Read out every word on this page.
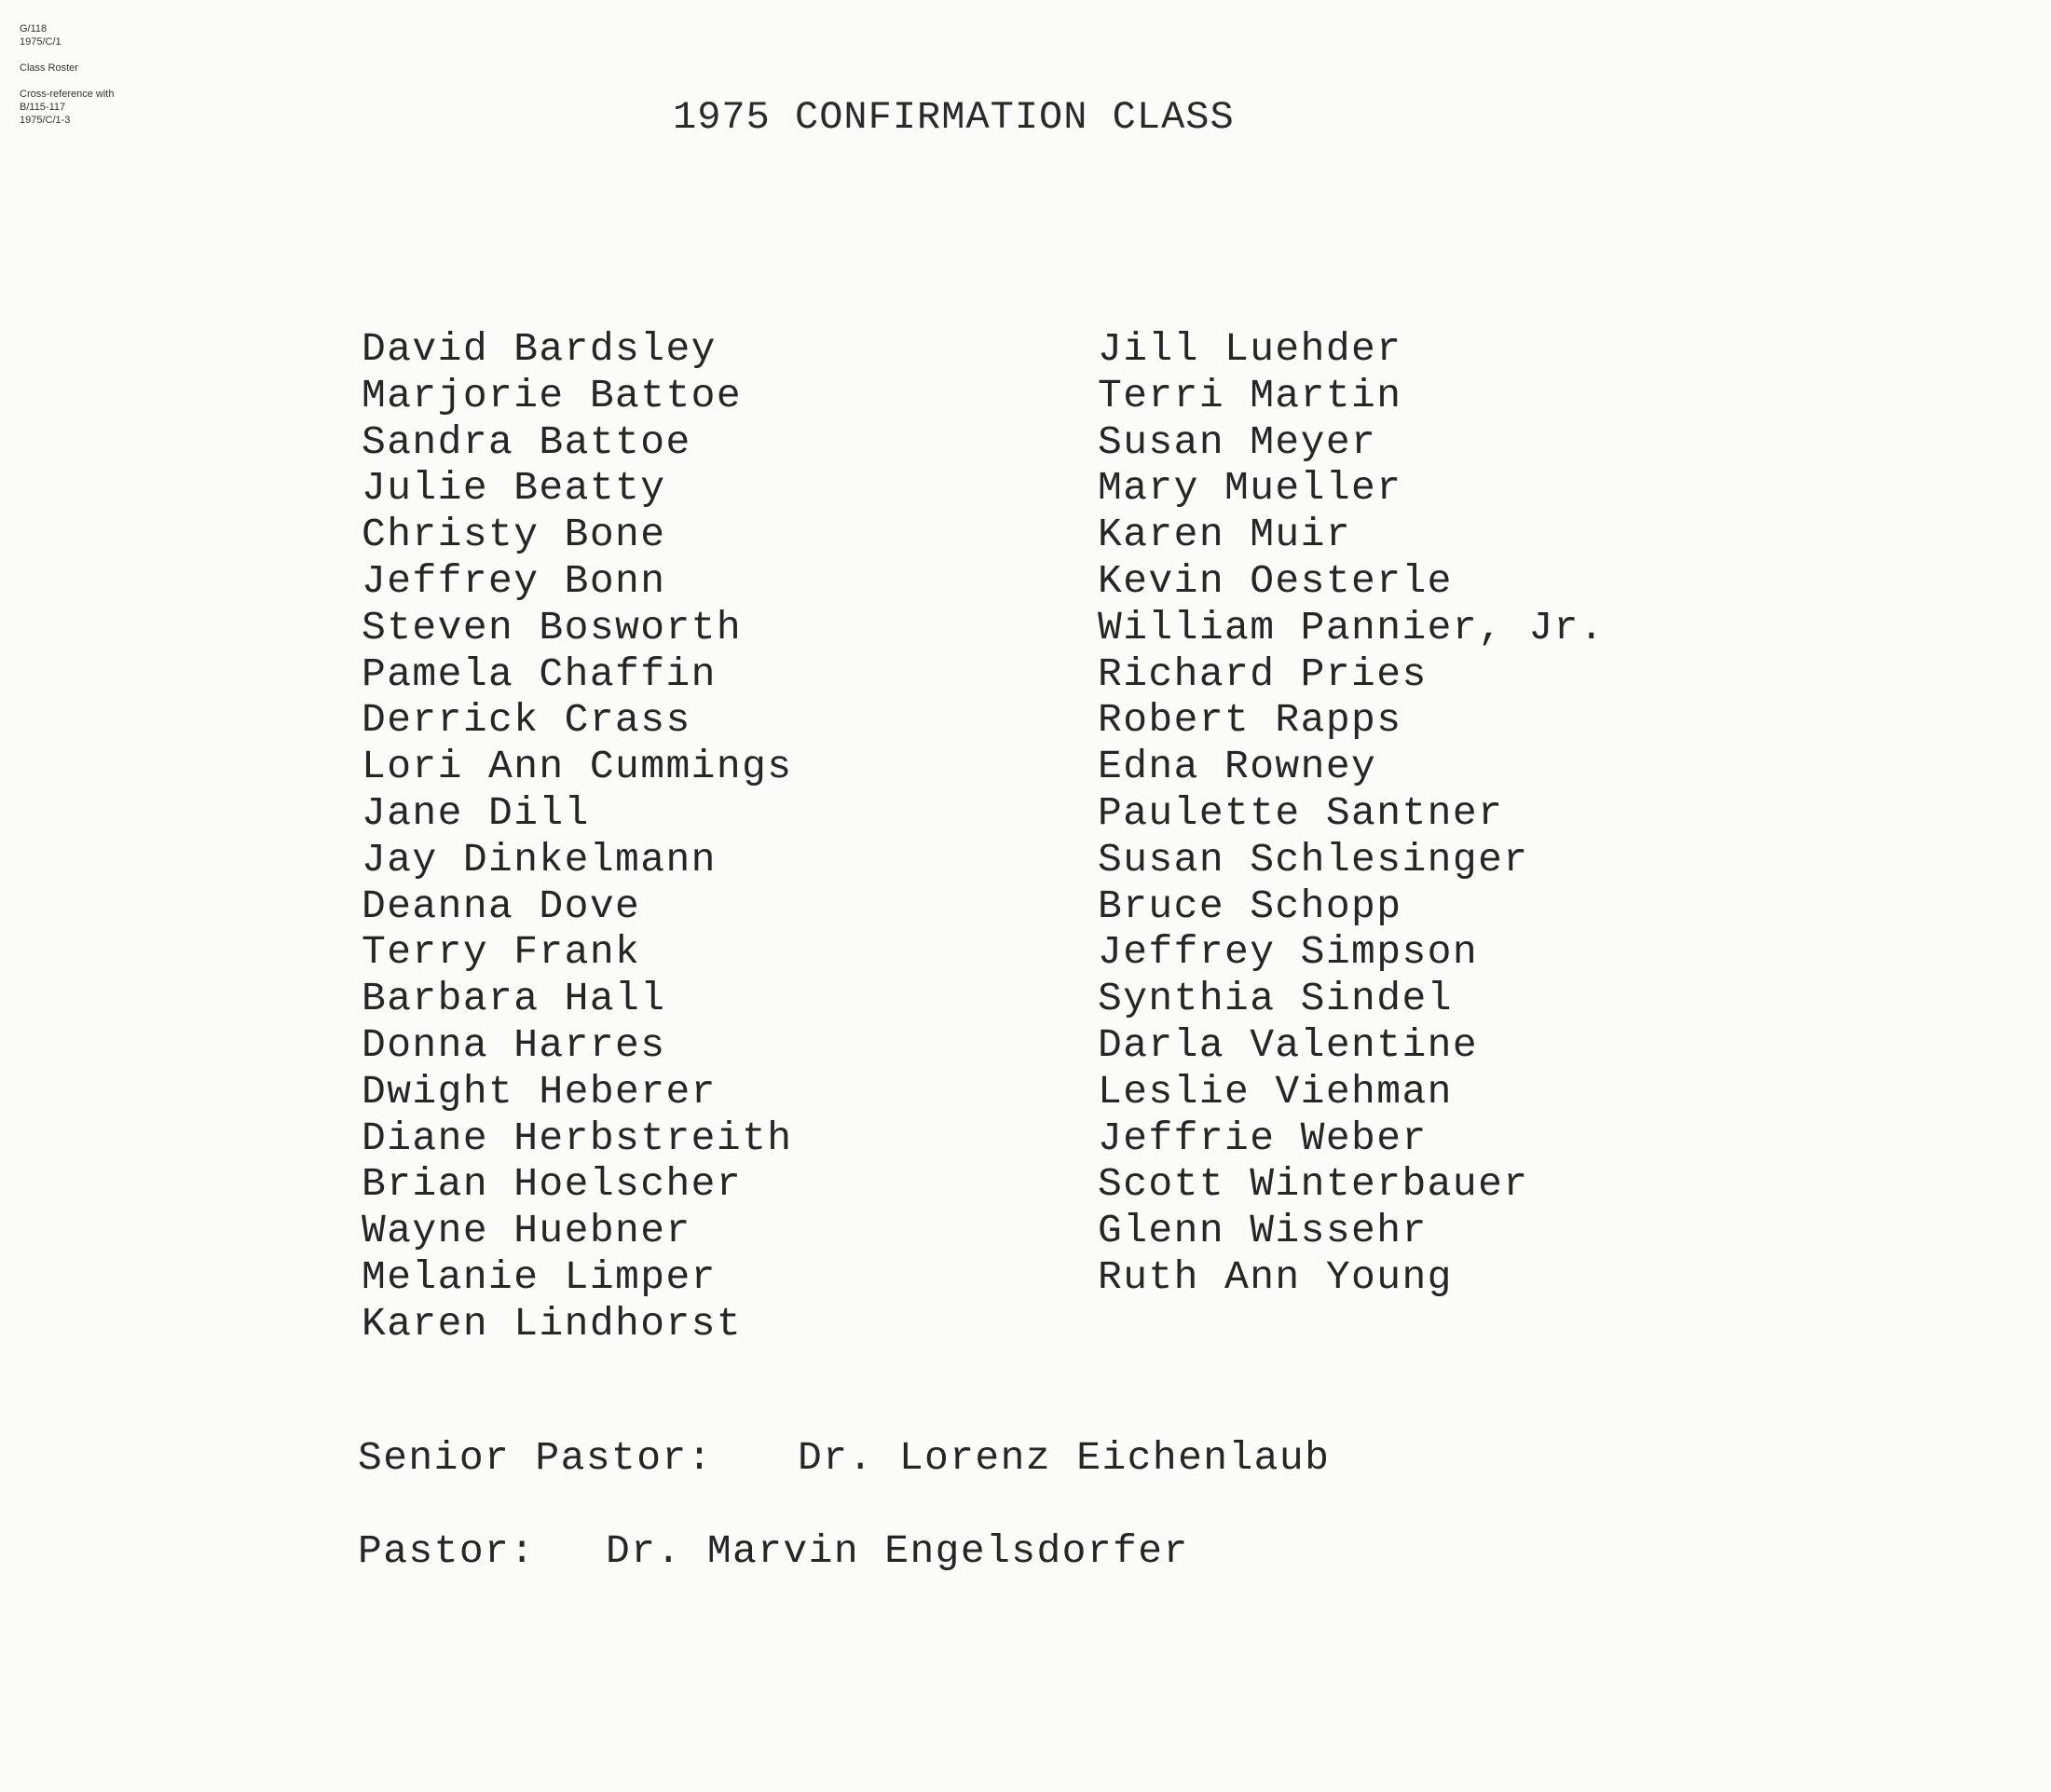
G/118
1975/C/1
Class Roster
Cross-reference with
B/115-117
1975/C/1-3	1975 CONFIRMATION CLASS
David Bardsley
Marjorie Battoe
Sandra Battoe
Julie Beatty
Christy Bone
Jeffrey Bonn
Steven Bosworth
Pamela Chaffin
Derrick Crass
Lori Ann Cummings
Jane Dill
Jay Dinkelmann
Deanna Dove
Terry Frank
Barbara Hall
Donna Harres
Dwight Heberer
Diane Herbstreith
Brian Hoelscher
Wayne Huebner
Melanie Limper
Karen Lindhorst
Jill Luehder
Terri Martin
Susan Meyer
Mary Mueller
Karen Muir
Kevin Oesterle
William Pannier, Jr.
Richard Pries
Robert Rapps
Edna Rowney
Paulette Santner
Susan Schlesinger
Bruce Schopp
Jeffrey Simpson
Synthia Sindel
Darla Valentine
Leslie Viehman
Jeffrie Weber
Scott Winterbauer
Glenn Wissehr
Ruth Ann Young
Senior Pastor: Dr. Lorenz Eichenlaub
Pastor: Dr. Marvin Engelsdorfer
